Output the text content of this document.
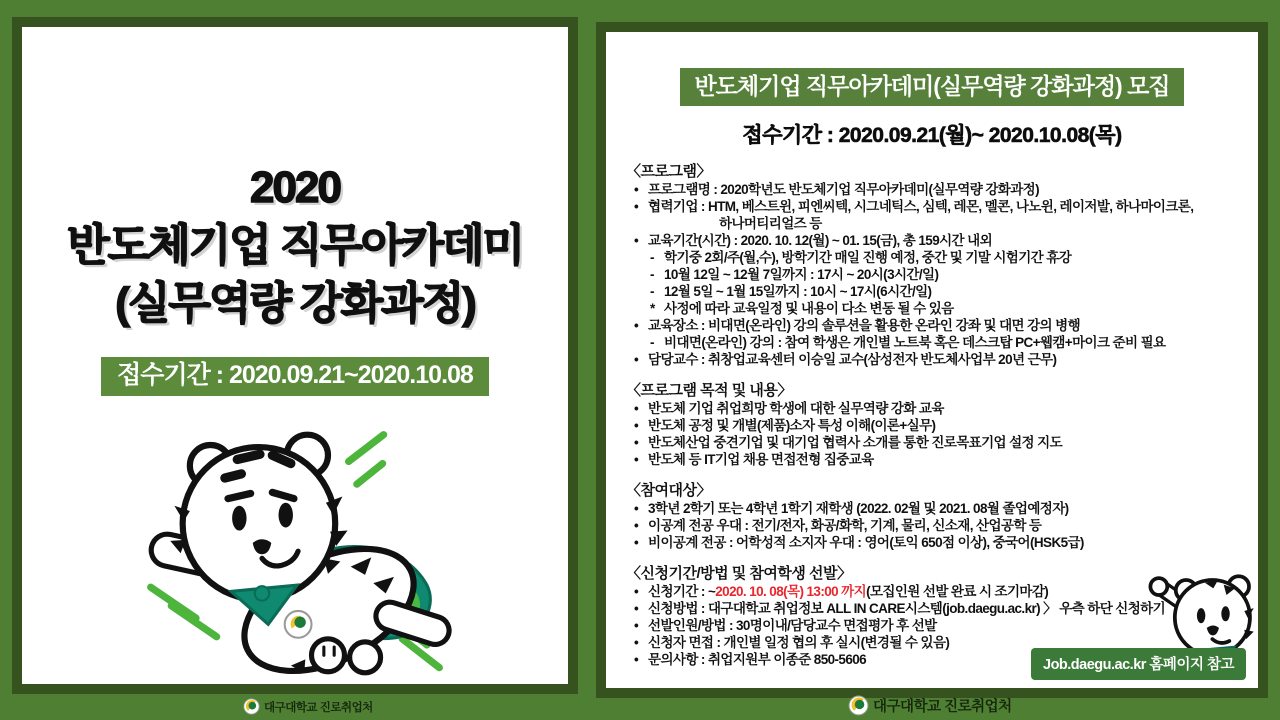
2020
반도체기업 직무아카데미
(실무역량 강화과정)
접수기간 : 2020.09.21~2020.10.08
반도체기업 직무아카데미(실무역량 강화과정) 모집
접수기간 : 2020.09.21(월)~ 2020.10.08(목)
〈프로그램〉
• 프로그램명 : 2020학년도 반도체기업 직무아카데미(실무역량 강화과정)
• 협력기업 : HTM, 베스트윈, 피엔씨텍, 시그네틱스, 심텍, 레몬, 멜콘, 나노윈, 레이저발, 하나마이크론,
하나머티리얼즈 등
• 교육기간(시간) : 2020. 10. 12(월) ~ 01. 15(금), 총 159시간 내외
- 학기중 2회/주(월,수), 방학기간 매일 진행 예정, 중간 및 기말 시험기간 휴강
- 10월 12일 ~ 12월 7일까지 : 17시 ~ 20시(3시간/일)
- 12월 5일 ~ 1월 15일까지 : 10시 ~ 17시(6시간/일)
* 사정에 따라 교육일정 및 내용이 다소 변동 될 수 있음
• 교육장소 : 비대면(온라인) 강의 솔루션을 활용한 온라인 강좌 및 대면 강의 병행
- 비대면(온라인) 강의 : 참여 학생은 개인별 노트북 혹은 데스크탑 PC+웹캠+마이크 준비 필요
• 담당교수 : 취창업교육센터 이승일 교수(삼성전자 반도체사업부 20년 근무)
〈프로그램 목적 및 내용〉
• 반도체 기업 취업희망 학생에 대한 실무역량 강화 교육
• 반도체 공정 및 개별(제품)소자 특성 이해(이론+실무)
• 반도체산업 중견기업 및 대기업 협력사 소개를 통한 진로목표기업 설정 지도
• 반도체 등 IT기업 채용 면접전형 집중교육
〈참여대상〉
• 3학년 2학기 또는 4학년 1학기 재학생 (2022. 02월 및 2021. 08월 졸업예정자)
• 이공계 전공 우대 : 전기/전자, 화공/화학, 기계, 물리, 신소재, 산업공학 등
• 비이공계 전공 : 어학성적 소지자 우대 : 영어(토익 650점 이상), 중국어(HSK5급)
〈신청기간/방법 및 참여학생 선발〉
• 신청기간 : ~ 2020. 10. 08(목) 13:00 까지 (모집인원 선발 완료 시 조기마감)
• 신청방법 : 대구대학교 취업정보 ALL IN CARE시스템(job.daegu.ac.kr) 〉 우측 하단 신청하기
• 선발인원/방법 : 30명이내/담당교수 면접평가 후 선발
• 신청자 면접 : 개인별 일정 협의 후 실시(변경될 수 있음)
• 문의사항 : 취업지원부 이종준 850-5606	Job.daegu.ac.kr 홈페이지 참고
대구대학교 진로취업처	대구대학교 진로취업처
